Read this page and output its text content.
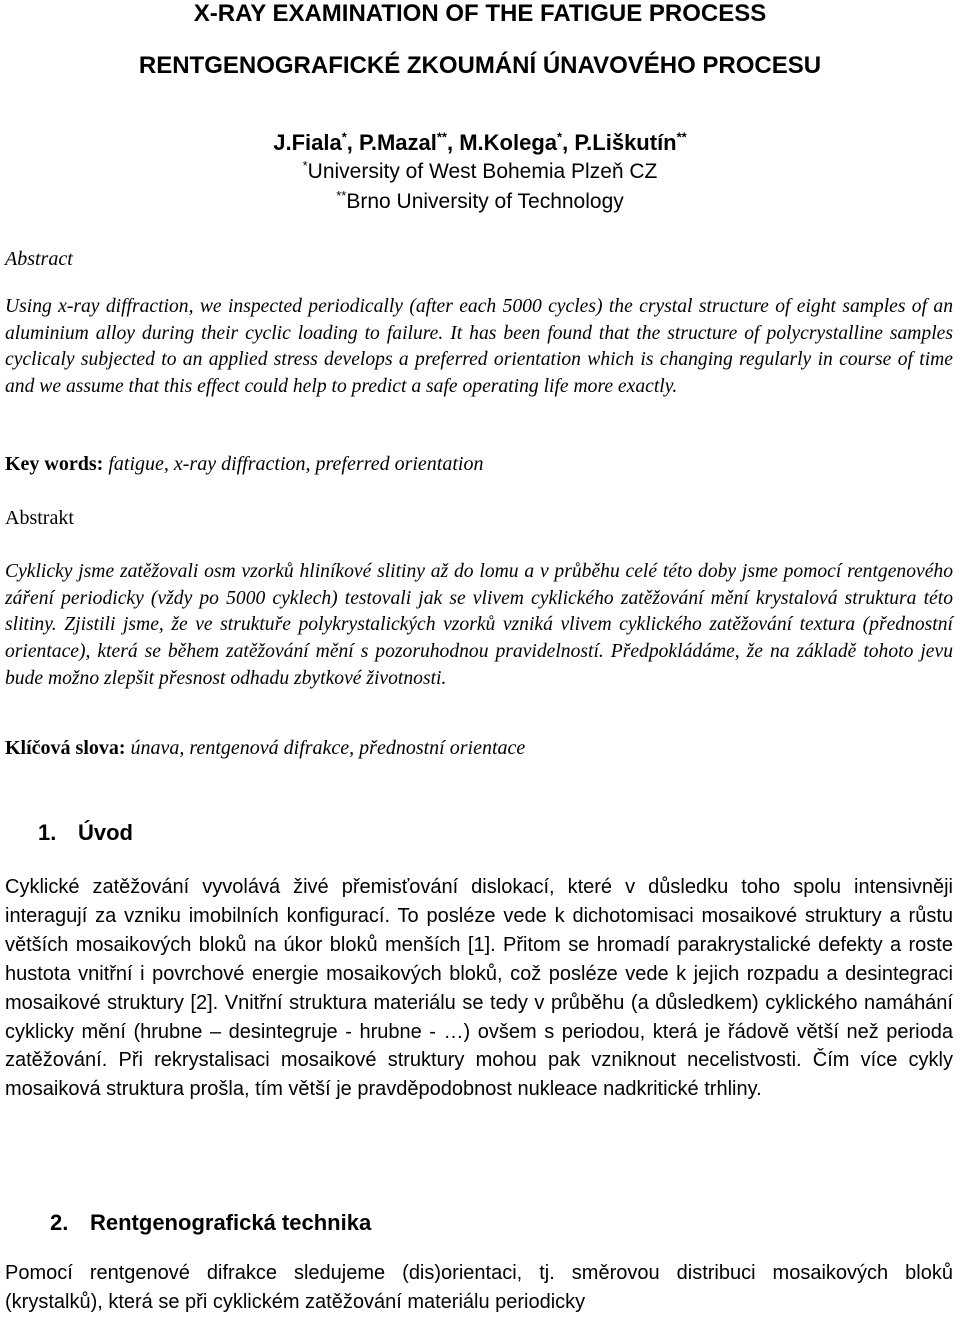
X-RAY EXAMINATION OF THE FATIGUE PROCESS
RENTGENOGRAFICKÉ ZKOUMÁNÍ ÚNAVOVÉHO PROCESU
J.Fiala*, P.Mazal**, M.Kolega*, P.Liškutín**
*University of West Bohemia Plzeň CZ
**Brno University of Technology
Abstract

Using x-ray diffraction, we inspected periodically (after each 5000 cycles) the crystal structure of eight samples of an aluminium alloy during their cyclic loading to failure. It has been found that the structure of polycrystalline samples cyclicaly subjected to an applied stress develops a preferred orientation which is changing regularly in course of time and we assume that this effect could help to predict a safe operating life more exactly.

Key words: fatigue, x-ray diffraction, preferred orientation

Abstrakt

Cyklicky jsme zatěžovali osm vzorků hliníkové slitiny až do lomu a v průběhu celé této doby jsme pomocí rentgenového záření periodicky (vždy po 5000 cyklech) testovali jak se vlivem cyklického zatěžování mění krystalová struktura této slitiny. Zjistili jsme, že ve struktuře polykrystalických vzorků vzniká vlivem cyklického zatěžování textura (přednostní orientace), která se během zatěžování mění s pozoruhodnou pravidelností. Předpokládáme, že na základě tohoto jevu bude možno zlepšit přesnost odhadu zbytkové životnosti.

Klíčová slova: únava, rentgenová difrakce, přednostní orientace

1. Úvod

Cyklické zatěžování vyvolává živé přemisťování dislokací, které v důsledku toho spolu intensivněji interagují za vzniku imobilních konfigurací. To posléze vede k dichotomisaci mosaikové struktury a růstu větších mosaikových bloků na úkor bloků menších [1]. Přitom se hromadí parakrystalické defekty a roste hustota vnitřní i povrchové energie mosaikových bloků, což posléze vede k jejich rozpadu a desintegraci mosaikové struktury [2]. Vnitřní struktura materiálu se tedy v průběhu (a důsledkem) cyklického namáhání cyklicky mění (hrubne – desintegruje - hrubne - …) ovšem s periodou, která je řádově větší než perioda zatěžování. Při rekrystalisaci mosaikové struktury mohou pak vzniknout necelistvosti. Čím více cykly mosaiková struktura prošla, tím větší je pravděpodobnost nukleace nadkritické trhliny.

2. Rentgenografická technika

Pomocí rentgenové difrakce sledujeme (dis)orientaci, tj. směrovou distribuci mosaikových bloků (krystalků), která se při cyklickém zatěžování materiálu periodicky
